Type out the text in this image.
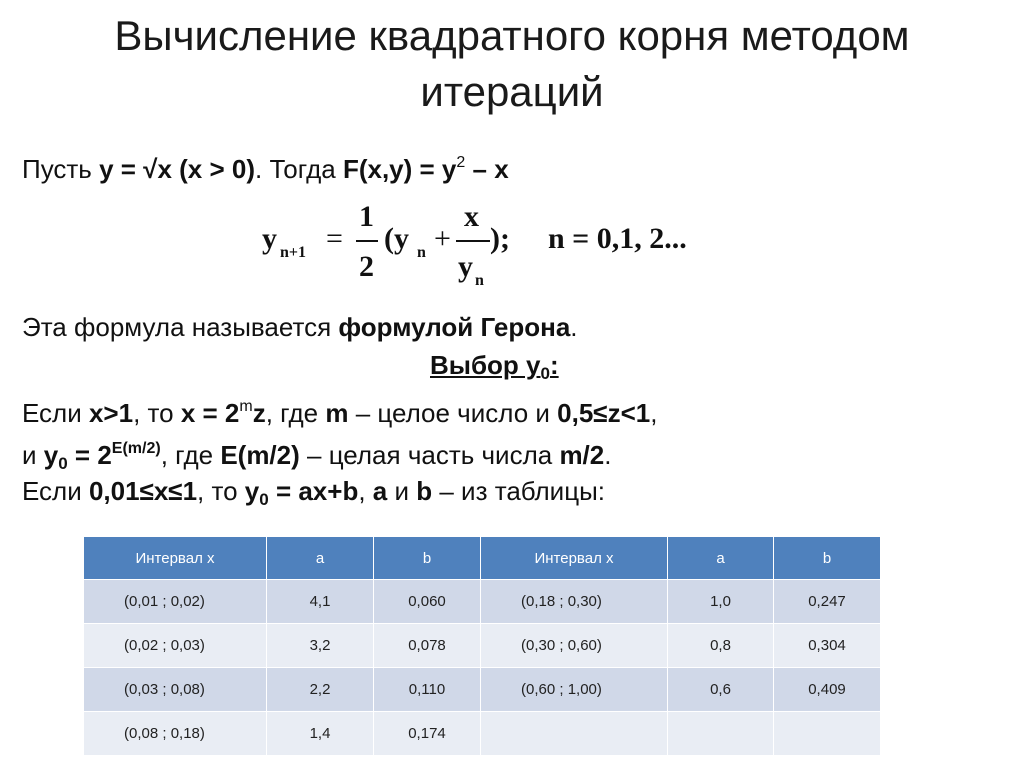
Вычисление квадратного корня методом
итераций
Пусть y = √x (x > 0). Тогда $F(x,y) = y^2 - x$
y n+1 =
1
2
(y n +
x
y n
); n = 0,1, 2...
Эта формула называется формулой Герона.
Выбор $y_0$:
Если x>1, то $x = 2^mz$, где m – целое число и 0,5≤z<1,
и $y_0 = 2^{E(m/2)}$, где E(m/2) – целая часть числа m/2.
Если 0,01≤x≤1, то $y_0 = ax+b$, a и b – из таблицы:
Интервал x	a	b	Интервал x	a	b
(0,01 ; 0,02)	4,1	0,060	(0,18 ; 0,30)	1,0	0,247
(0,02 ; 0,03)	3,2	0,078	(0,30 ; 0,60)	0,8	0,304
(0,03 ; 0,08)	2,2	0,110	(0,60 ; 1,00)	0,6	0,409
(0,08 ; 0,18)	1,4	0,174			
